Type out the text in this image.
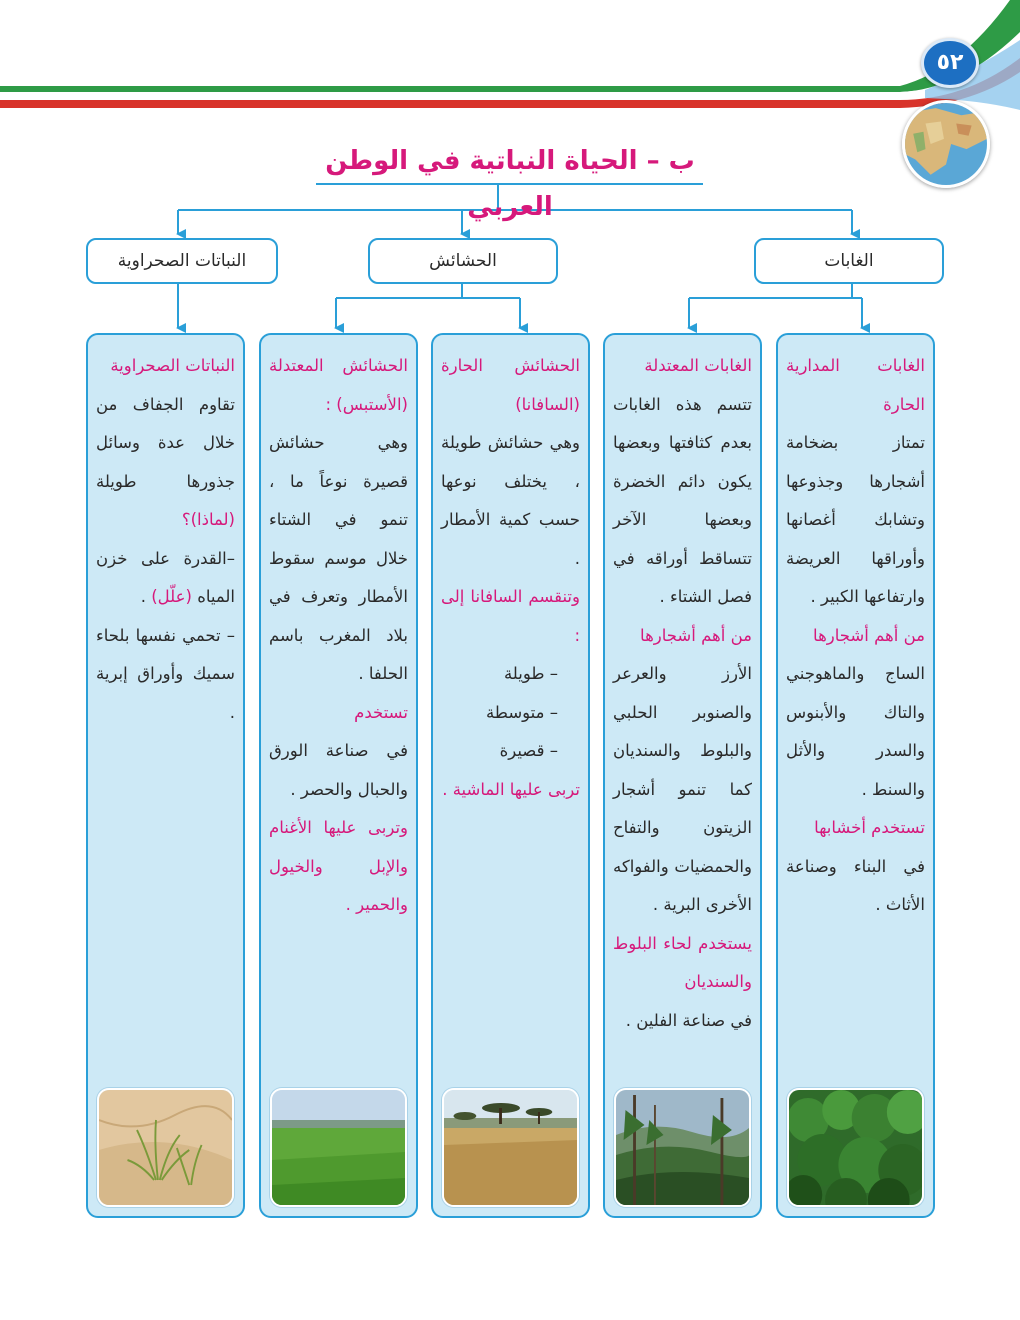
٥٢
ب – الحياة النباتية في الوطن العربي
النباتات الصحراوية	الحشائش	الغابات

الغابات المدارية الحارة

تمتاز بضخامة أشجارها وجذوعها وتشابك أغصانها وأوراقها العريضة وارتفاعها الكبير .

من أهم أشجارها

الساج والماهوجني والتاك والأبنوس والسدر والأثل والسنط .

تستخدم أخشابها

في البناء وصناعة الأثاث .

الغابات المعتدلة

تتسم هذه الغابات بعدم كثافتها وبعضها يكون دائم الخضرة وبعضها الآخر تتساقط أوراقه في فصل الشتاء .

من أهم أشجارها

الأرز والعرعر والصنوبر الحلبي والبلوط والسنديان كما تنمو أشجار الزيتون والتفاح والحمضيات والفواكه الأخرى البرية .

يستخدم لحاء البلوط والسنديان

في صناعة الفلين .

الحشائش الحارة (السافانا)

وهي حشائش طويلة ، يختلف نوعها حسب كمية الأمطار .

وتنقسم السافانا إلى :

– طويلة

– متوسطة

– قصيرة

تربى عليها الماشية .

الحشائش المعتدلة (الأستبس) :

وهي حشائش قصيرة نوعاً ما ، تنمو في الشتاء خلال موسم سقوط الأمطار وتعرف في بلاد المغرب باسم الحلفا .

تستخدم

في صناعة الورق والحبال والحصر .

وتربى عليها الأغنام والإبل والخيول والحمير .

النباتات الصحراوية

تقاوم الجفاف من خلال عدة وسائل جذورها طويلة (لماذا)؟

–القدرة على خزن المياه (علّل) .

– تحمي نفسها بلحاء سميك وأوراق إبرية .
